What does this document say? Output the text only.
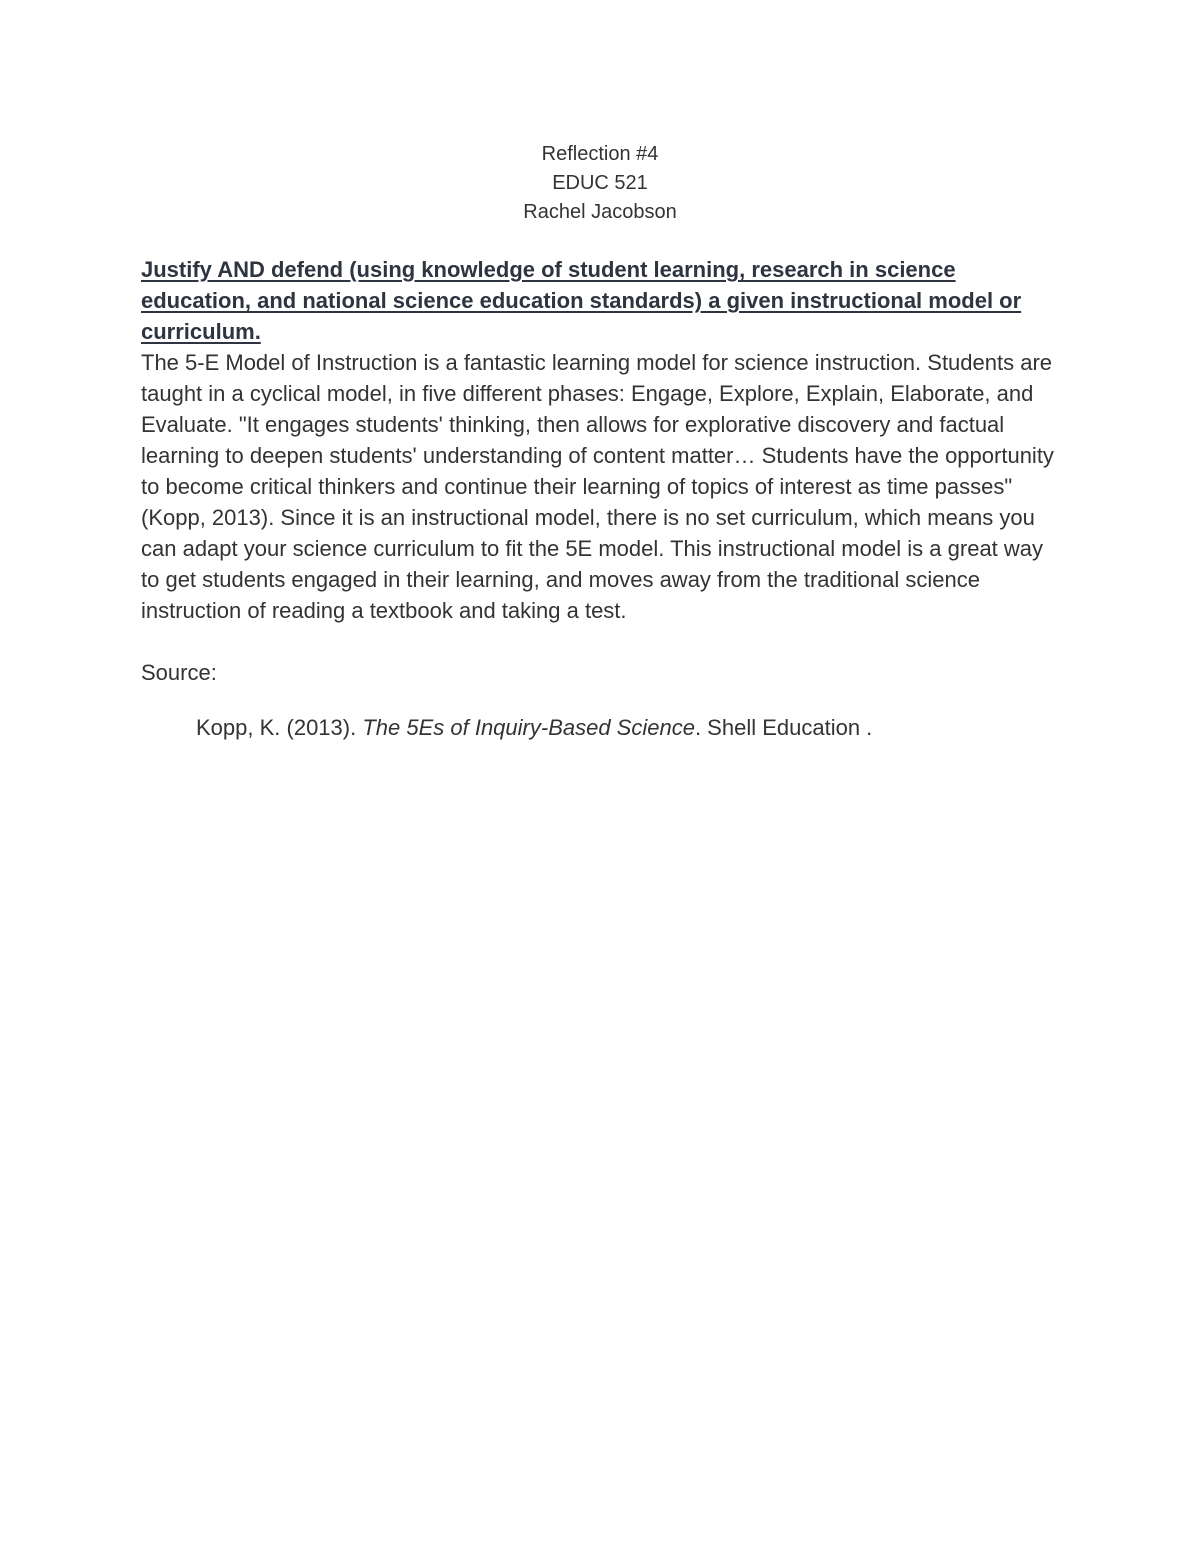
Reflection #4
EDUC 521
Rachel Jacobson

Justify AND defend (using knowledge of student learning, research in science education, and national science education standards) a given instructional model or curriculum.

The 5-E Model of Instruction is a fantastic learning model for science instruction. Students are taught in a cyclical model, in five different phases: Engage, Explore, Explain, Elaborate, and Evaluate. "It engages students' thinking, then allows for explorative discovery and factual learning to deepen students' understanding of content matter… Students have the opportunity to become critical thinkers and continue their learning of topics of interest as time passes" (Kopp, 2013). Since it is an instructional model, there is no set curriculum, which means you can adapt your science curriculum to fit the 5E model. This instructional model is a great way to get students engaged in their learning, and moves away from the traditional science instruction of reading a textbook and taking a test.

Source:

Kopp, K. (2013). The 5Es of Inquiry-Based Science. Shell Education .
